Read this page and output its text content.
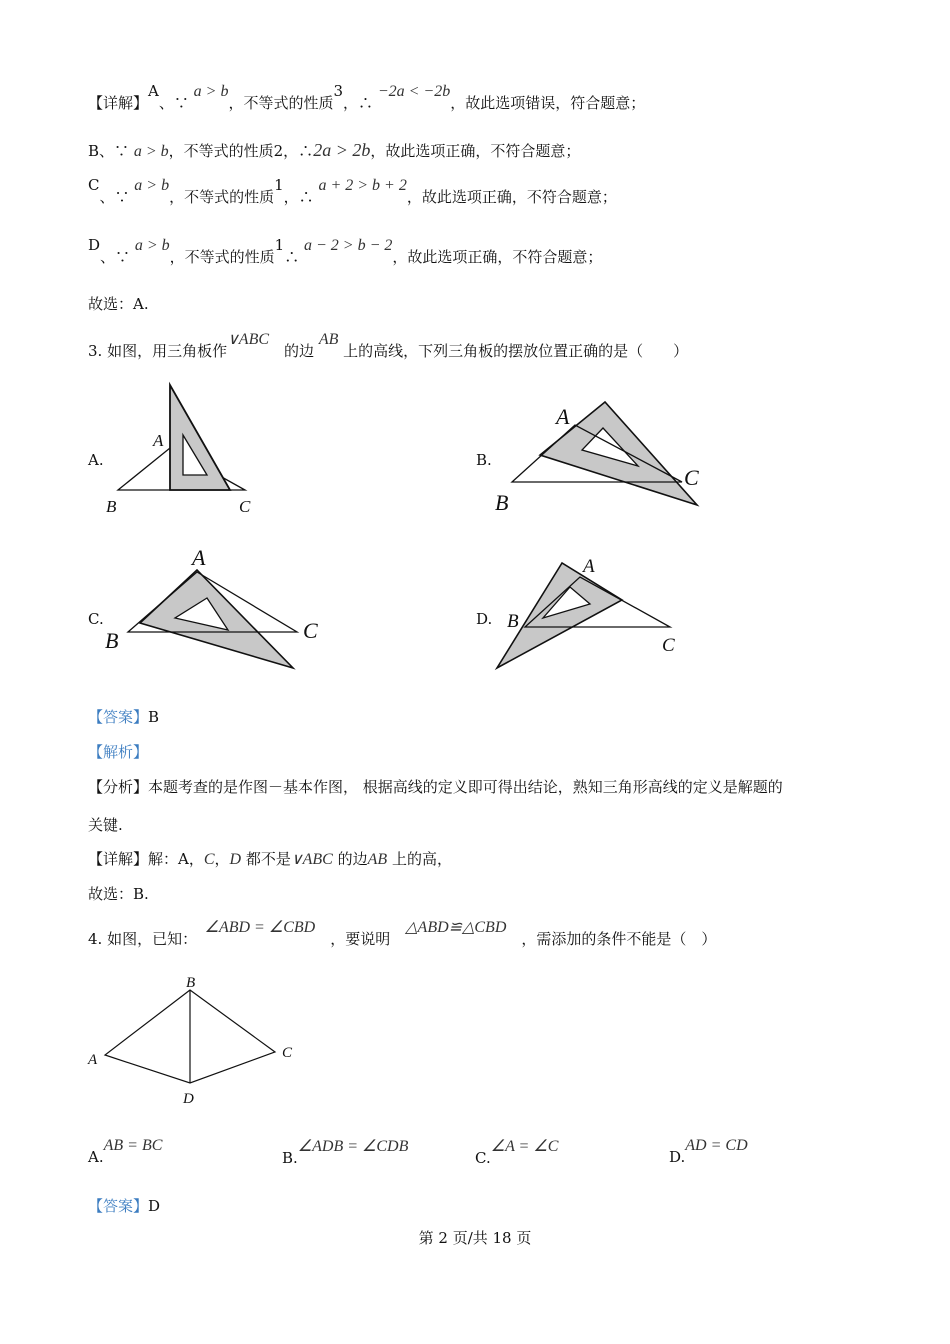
【详解】A、∵ a > b，不等式的性质3，∴ −2a < −2b，故此选项错误，符合题意；
B、∵ a > b，不等式的性质2，∴2a > 2b，故此选项正确，不符合题意；
C、∵ a > b，不等式的性质1，∴ a + 2 > b + 2，故此选项正确，不符合题意；
D、∵ a > b，不等式的性质1∴ a − 2 > b − 2，故此选项正确，不符合题意；
故选：A.
3. 如图，用三角板作∨ABC　的边 AB 上的高线，下列三角板的摆放位置正确的是（　　）
A.	B.
C.	D.
A
B	C
A
B
C
A
B	C
A
B
C
B
A	C
D
【答案】B
【解析】
【分析】本题考查的是作图－基本作图， 根据高线的定义即可得出结论，熟知三角形高线的定义是解题的
关键.
【详解】解：A，C，D 都不是∨ABC 的边AB 上的高，
故选：B.
4. 如图，已知：　∠ABD = ∠CBD　，要说明　△ABD≌△CBD　，需添加的条件不能是（　）
A.AB = BC
B.∠ADB = ∠CDB
C.∠A = ∠C
D.AD = CD
【答案】D
第 2 页/共 18 页
